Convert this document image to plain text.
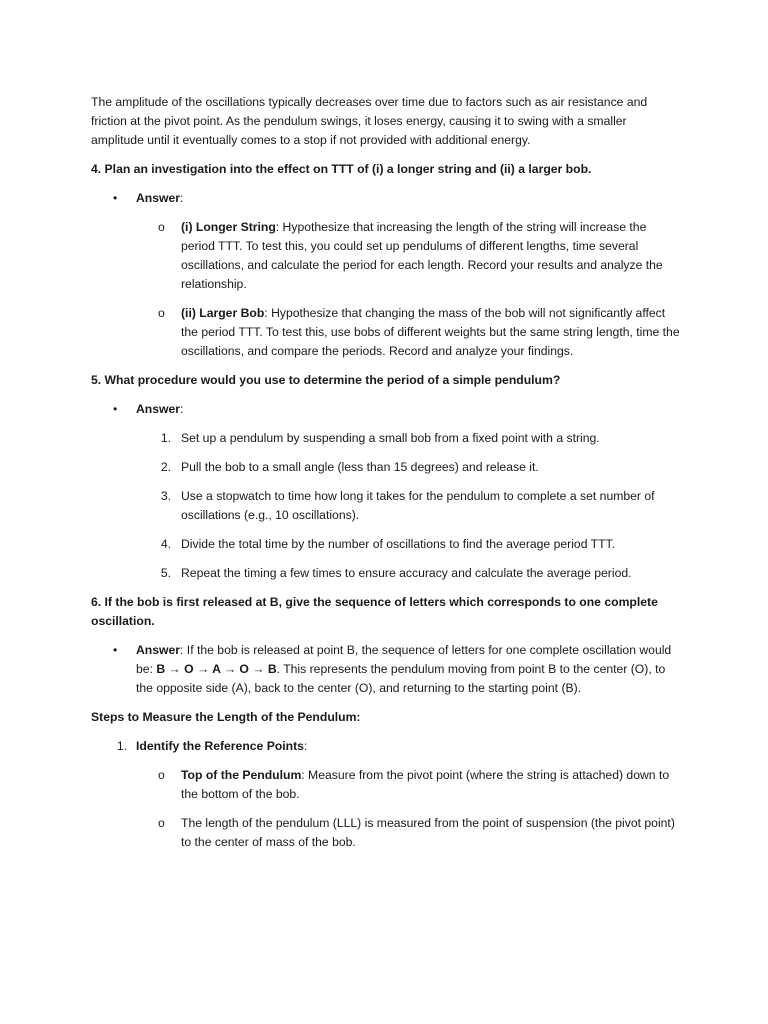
The amplitude of the oscillations typically decreases over time due to factors such as air resistance and friction at the pivot point. As the pendulum swings, it loses energy, causing it to swing with a smaller amplitude until it eventually comes to a stop if not provided with additional energy.

4. Plan an investigation into the effect on TTT of (i) a longer string and (ii) a larger bob.

• Answer:
o (i) Longer String: Hypothesize that increasing the length of the string will increase the period TTT. To test this, you could set up pendulums of different lengths, time several oscillations, and calculate the period for each length. Record your results and analyze the relationship.
o (ii) Larger Bob: Hypothesize that changing the mass of the bob will not significantly affect the period TTT. To test this, use bobs of different weights but the same string length, time the oscillations, and compare the periods. Record and analyze your findings.

5. What procedure would you use to determine the period of a simple pendulum?

• Answer:
1. Set up a pendulum by suspending a small bob from a fixed point with a string.
2. Pull the bob to a small angle (less than 15 degrees) and release it.
3. Use a stopwatch to time how long it takes for the pendulum to complete a set number of oscillations (e.g., 10 oscillations).
4. Divide the total time by the number of oscillations to find the average period TTT.
5. Repeat the timing a few times to ensure accuracy and calculate the average period.

6. If the bob is first released at B, give the sequence of letters which corresponds to one complete oscillation.

• Answer: If the bob is released at point B, the sequence of letters for one complete oscillation would be: B → O → A → O → B. This represents the pendulum moving from point B to the center (O), to the opposite side (A), back to the center (O), and returning to the starting point (B).

Steps to Measure the Length of the Pendulum:

1. Identify the Reference Points:
o Top of the Pendulum: Measure from the pivot point (where the string is attached) down to the bottom of the bob.
o The length of the pendulum (LLL) is measured from the point of suspension (the pivot point) to the center of mass of the bob.
